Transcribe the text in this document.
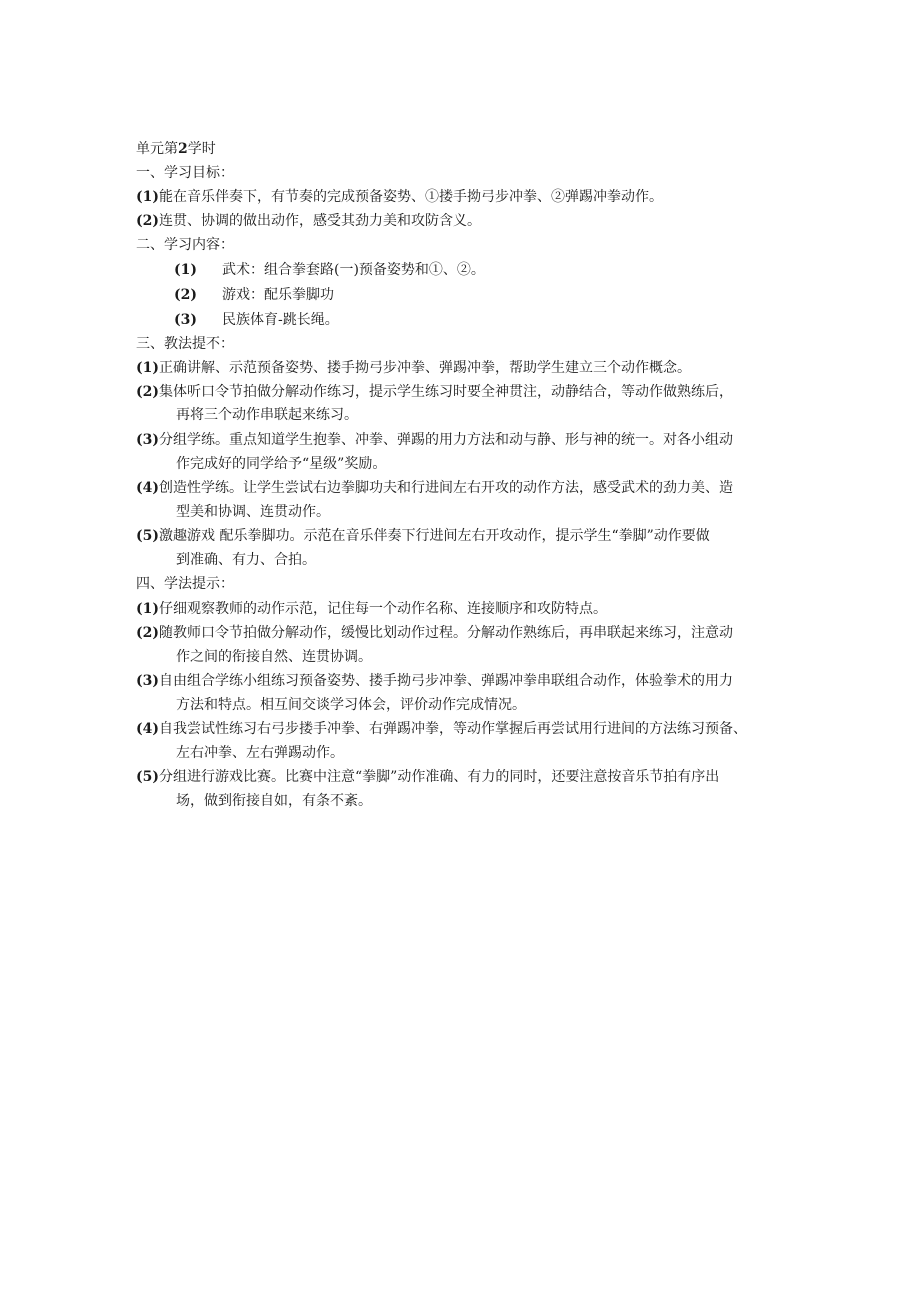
单元第2学时
一、学习目标：
(1)能在音乐伴奏下，有节奏的完成预备姿势、①搂手拗弓步冲拳、②弹踢冲拳动作。
(2)连贯、协调的做出动作，感受其劲力美和攻防含义。
二、学习内容：
(1) 武术：组合拳套路(一)预备姿势和①、②。
(2) 游戏：配乐拳脚功
(3) 民族体育-跳长绳。
三、教法提不：
(1)正确讲解、示范预备姿势、搂手拗弓步冲拳、弹踢冲拳，帮助学生建立三个动作概念。
(2)集体听口令节拍做分解动作练习，提示学生练习时要全神贯注，动静结合，等动作做熟练后，
再将三个动作串联起来练习。
(3)分组学练。重点知道学生抱拳、冲拳、弹踢的用力方法和动与静、形与神的统一。对各小组动
作完成好的同学给予“星级”奖励。
(4)创造性学练。让学生尝试右边拳脚功夫和行进间左右开攻的动作方法，感受武术的劲力美、造
型美和协调、连贯动作。
(5)激趣游戏 配乐拳脚功。示范在音乐伴奏下行进间左右开攻动作，提示学生“拳脚”动作要做
到准确、有力、合拍。
四、学法提示：
(1)仔细观察教师的动作示范，记住每一个动作名称、连接顺序和攻防特点。
(2)随教师口令节拍做分解动作，缓慢比划动作过程。分解动作熟练后，再串联起来练习，注意动
作之间的衔接自然、连贯协调。
(3)自由组合学练小组练习预备姿势、搂手拗弓步冲拳、弹踢冲拳串联组合动作，体验拳术的用力
方法和特点。相互间交谈学习体会，评价动作完成情况。
(4)自我尝试性练习右弓步搂手冲拳、右弹踢冲拳，等动作掌握后再尝试用行进间的方法练习预备、
左右冲拳、左右弹踢动作。
(5)分组进行游戏比赛。比赛中注意“拳脚”动作准确、有力的同时，还要注意按音乐节拍有序出
场，做到衔接自如，有条不紊。
